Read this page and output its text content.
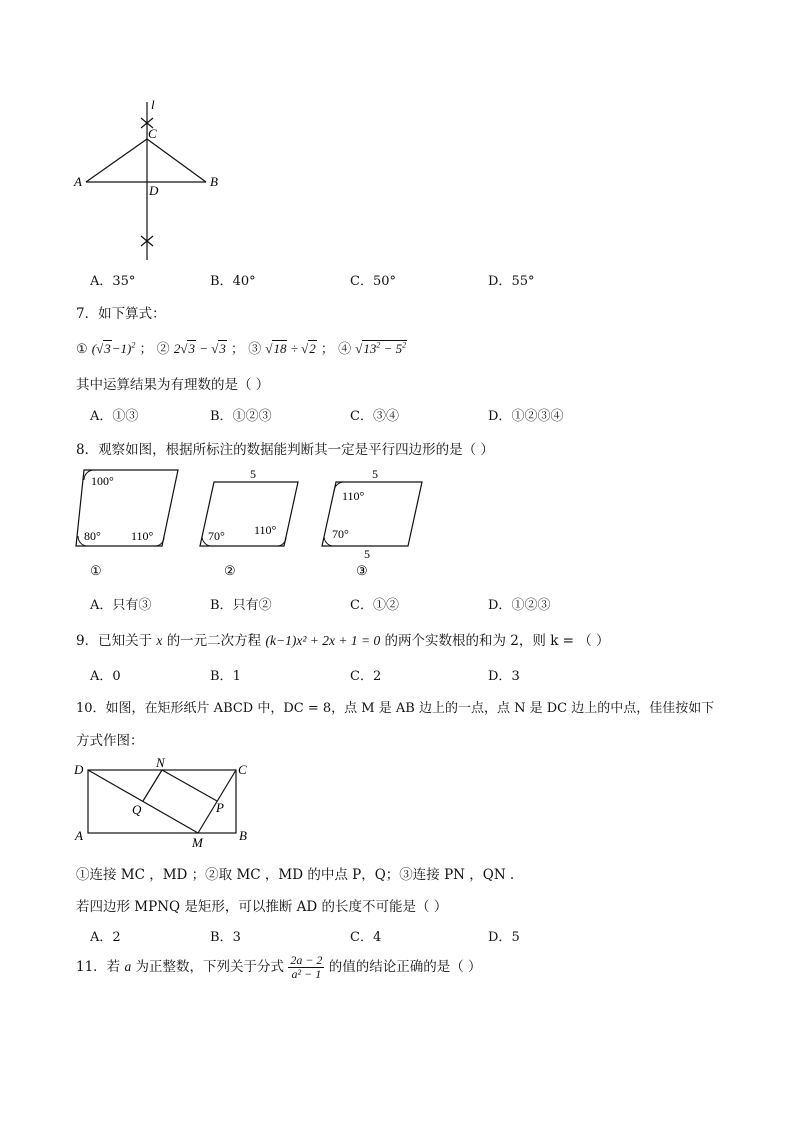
l
C
A
D
B
A．35°	B．40°	C．50°	D．55°
7．如下算式：
① $(√3-1)^2$ ； ② 2√3 − √3 ； ③ √18 ÷ √2 ； ④ $√13^2 - 5^2$
其中运算结果为有理数的是（ ）
A．①③	B．①②③	C．③④	D．①②③④
8．观察如图，根据所标注的数据能判断其一定是平行四边形的是（ ）
100°
80°	110°
①
5
70° 110°
②
5
110°
70°
5
③
A．只有③	B．只有②	C．①②	D．①②③
9．已知关于 x 的一元二次方程 (k−1)x² + 2x + 1 = 0 的两个实数根的和为 2，则 k = （ ）
A．0	B．1	C．2	D．3
10．如图，在矩形纸片 ABCD 中，DC = 8，点 M 是 AB 边上的一点，点 N 是 DC 边上的中点，佳佳按如下
方式作图：
D	N	C
Q	P
A	M	B
①连接 MC ，MD ；②取 MC ，MD 的中点 P，Q；③连接 PN ，QN .
若四边形 MPNQ 是矩形，可以推断 AD 的长度不可能是（ ）
A．2	B．3	C．4	D．5
11．若 a 为正整数，下列关于分式 $\frac{2a - 2}{\text{a² − 1}}$ 的值的结论正确的是（ ）
